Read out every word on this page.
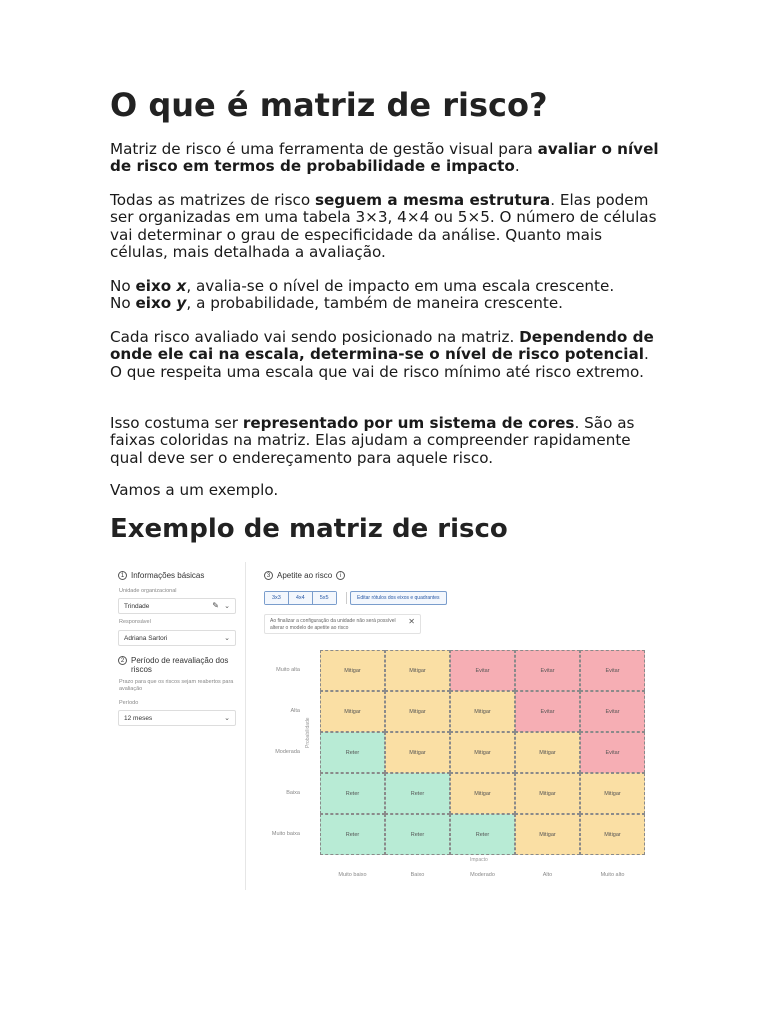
O que é matriz de risco?

Matriz de risco é uma ferramenta de gestão visual para avaliar o nível de risco em termos de probabilidade e impacto.

Todas as matrizes de risco seguem a mesma estrutura. Elas podem ser organizadas em uma tabela 3×3, 4×4 ou 5×5. O número de células vai determinar o grau de especificidade da análise. Quanto mais células, mais detalhada a avaliação.

No eixo x, avalia-se o nível de impacto em uma escala crescente.
No eixo y, a probabilidade, também de maneira crescente.

Cada risco avaliado vai sendo posicionado na matriz. Dependendo de onde ele cai na escala, determina-se o nível de risco potencial. O que respeita uma escala que vai de risco mínimo até risco extremo.

Isso costuma ser representado por um sistema de cores. São as faixas coloridas na matriz. Elas ajudam a compreender rapidamente qual deve ser o endereçamento para aquele risco.

Vamos a um exemplo.

Exemplo de matriz de risco
1 Informações básicas
Unidade organizacional
Trindade	✎ ⌄
Responsável
Adriana Sartori	⌄
2 Período de reavaliação dos riscos
Prazo para que os riscos sejam reabertos para avaliação
Período
12 meses	⌄
3 Apetite ao risco	i
3x3	4x4	5x5	Editar rótulos dos eixos e quadrantes
Ao finalizar a configuração da unidade não será possível alterar o modelo de apetite ao risco
✕
Muito alta
Alta
Moderada
Baixa
Muito baixa
Muito baixo	Baixo	Moderado	Alto	Muito alto
Probabilidade
Impacto
Mitigar	Mitigar	Evitar	Evitar	Evitar
Mitigar	Mitigar	Mitigar	Evitar	Evitar
Reter	Mitigar	Mitigar	Mitigar	Evitar
Reter	Reter	Mitigar	Mitigar	Mitigar
Reter	Reter	Reter	Mitigar	Mitigar
